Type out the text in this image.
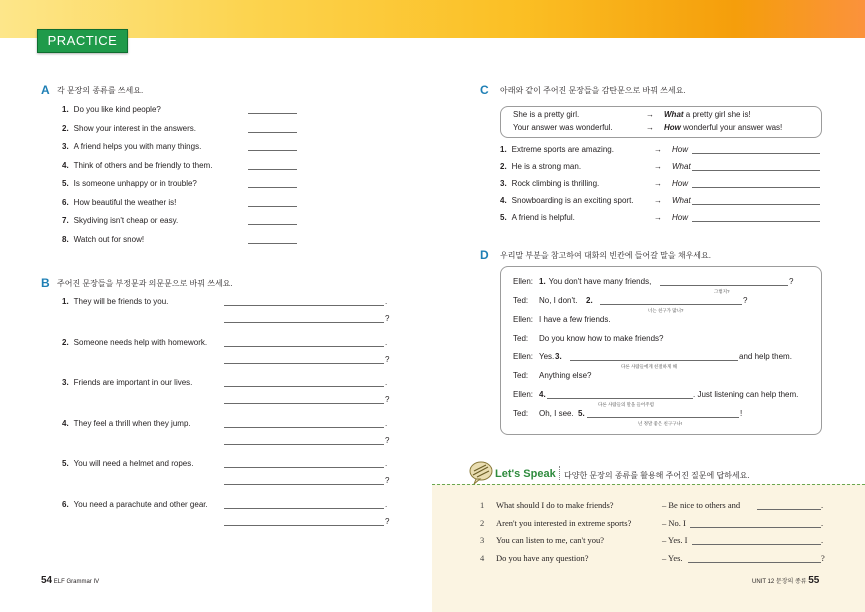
PRACTICE
A 각 문장의 종류를 쓰세요.
1. Do you like kind people?
2. Show your interest in the answers.
3. A friend helps you with many things.
4. Think of others and be friendly to them.
5. Is someone unhappy or in trouble?
6. How beautiful the weather is!
7. Skydiving isn't cheap or easy.
8. Watch out for snow!
B 주어진 문장들을 부정문과 의문문으로 바꿔 쓰세요.
1. They will be friends to you.	.
?
2. Someone needs help with homework.	.
?
3. Friends are important in our lives.	.
?
4. They feel a thrill when they jump.	.
?
5. You will need a helmet and ropes.	.
?
6. You need a parachute and other gear.	.
?
C 아래와 같이 주어진 문장들을 감탄문으로 바꿔 쓰세요.
She is a pretty girl.	→ What a pretty girl she is!
Your answer was wonderful.	→ How wonderful your answer was!
1. Extreme sports are amazing.	→ How
2. He is a strong man.	→ What
3. Rock climbing is thrilling.	→ How
4. Snowboarding is an exciting sport.	→ What
5. A friend is helpful.	→ How
D 우리말 부분을 참고하여 대화의 빈칸에 들어갈 말을 채우세요.
Ellen: 1. You don't have many friends,	?
그렇지?
Ted: No, I don't. 2.	?
너는 친구가 많니?
Ellen: I have a few friends.
Ted: Do you know how to make friends?
Ellen: Yes. 3.	and help them.
다른 사람들에게 친절하게 해
Ted: Anything else?
Ellen: 4.	. Just listening can help them.
다른 사람들의 말을 들어주렴
Ted: Oh, I see. 5.	!
넌 정말 좋은 친구구나!
Let's Speak 다양한 문장의 종류를 활용해 주어진 질문에 답하세요.
1 What should I do to make friends?	– Be nice to others and	.
2 Aren't you interested in extreme sports?	– No. I	.
3 You can listen to me, can't you?	– Yes. I	.
4 Do you have any question?	– Yes.	?
54 ELF Grammar IV	UNIT 12 문장의 종류 55
